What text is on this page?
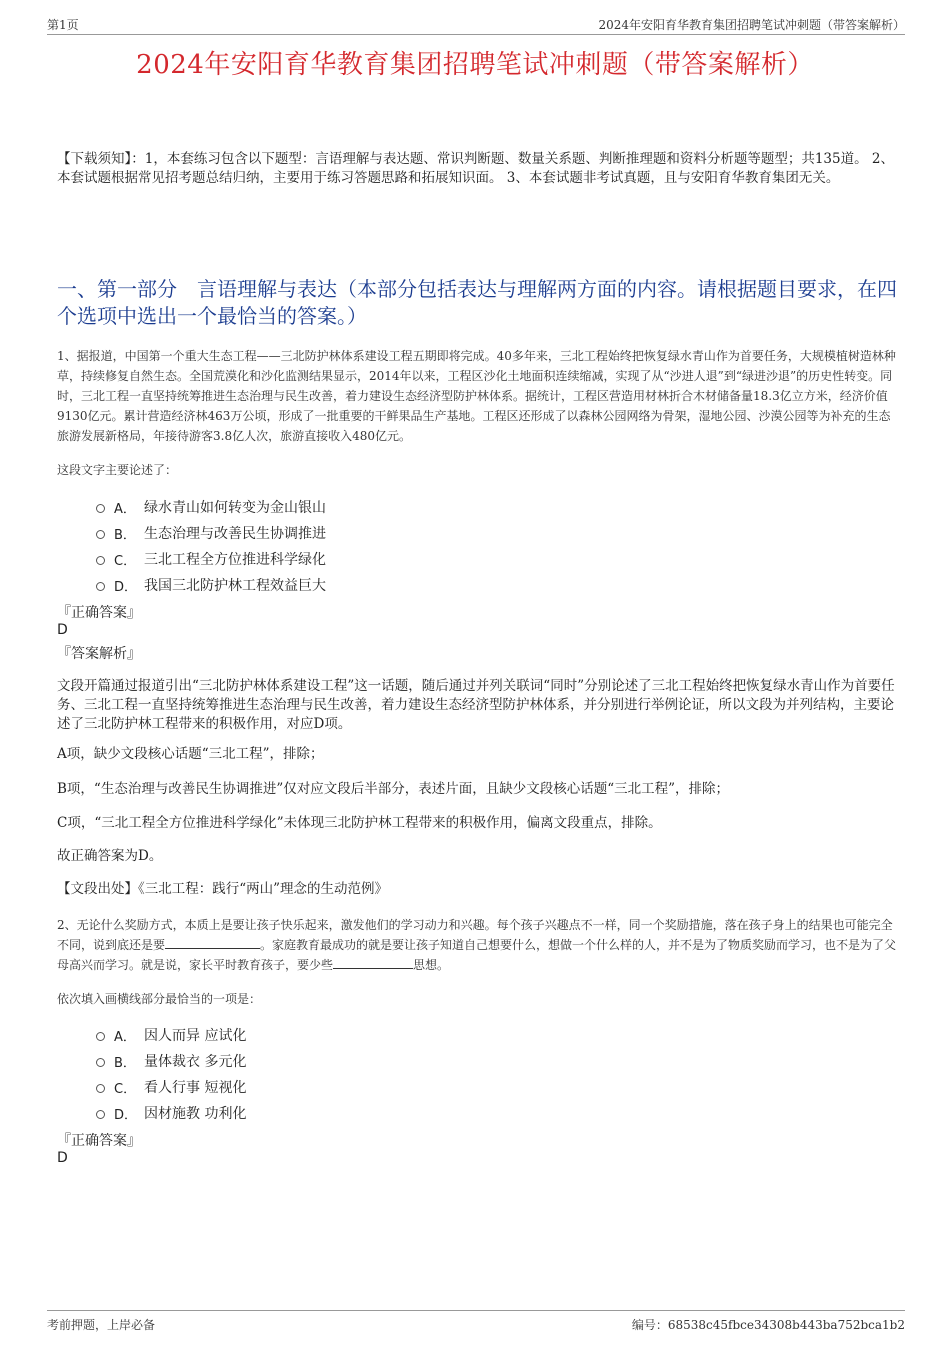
第1页	2024年安阳育华教育集团招聘笔试冲刺题（带答案解析）
2024年安阳育华教育集团招聘笔试冲刺题（带答案解析）
【下载须知】：1，本套练习包含以下题型：言语理解与表达题、常识判断题、数量关系题、判断推理题和资料分析题等题型；共135道。 2、本套试题根据常见招考题总结归纳，主要用于练习答题思路和拓展知识面。 3、本套试题非考试真题，且与安阳育华教育集团无关。
一、第一部分　言语理解与表达（本部分包括表达与理解两方面的内容。请根据题目要求，在四个选项中选出一个最恰当的答案。）
1、据报道，中国第一个重大生态工程——三北防护林体系建设工程五期即将完成。40多年来，三北工程始终把恢复绿水青山作为首要任务，大规模植树造林种草，持续修复自然生态。全国荒漠化和沙化监测结果显示，2014年以来，工程区沙化土地面积连续缩减，实现了从“沙进人退”到“绿进沙退”的历史性转变。同时，三北工程一直坚持统筹推进生态治理与民生改善，着力建设生态经济型防护林体系。据统计，工程区营造用材林折合木材储备量18.3亿立方米，经济价值9130亿元。累计营造经济林463万公顷，形成了一批重要的干鲜果品生产基地。工程区还形成了以森林公园网络为骨架，湿地公园、沙漠公园等为补充的生态旅游发展新格局，年接待游客3.8亿人次，旅游直接收入480亿元。
这段文字主要论述了：
A． 绿水青山如何转变为金山银山
B． 生态治理与改善民生协调推进
C． 三北工程全方位推进科学绿化
D． 我国三北防护林工程效益巨大
『正确答案』
D
『答案解析』
文段开篇通过报道引出“三北防护林体系建设工程”这一话题，随后通过并列关联词“同时”分别论述了三北工程始终把恢复绿水青山作为首要任务、三北工程一直坚持统筹推进生态治理与民生改善，着力建设生态经济型防护林体系，并分别进行举例论证，所以文段为并列结构，主要论述了三北防护林工程带来的积极作用，对应D项。
A项，缺少文段核心话题“三北工程”，排除；
B项，“生态治理与改善民生协调推进”仅对应文段后半部分，表述片面，且缺少文段核心话题“三北工程”，排除；
C项，“三北工程全方位推进科学绿化”未体现三北防护林工程带来的积极作用，偏离文段重点，排除。
故正确答案为D。
【文段出处】《三北工程：践行“两山”理念的生动范例》
2、无论什么奖励方式，本质上是要让孩子快乐起来，激发他们的学习动力和兴趣。每个孩子兴趣点不一样，同一个奖励措施，落在孩子身上的结果也可能完全不同，说到底还是要	。家庭教育最成功的就是要让孩子知道自己想要什么，想做一个什么样的人，并不是为了物质奖励而学习，也不是为了父母高兴而学习。就是说，家长平时教育孩子，要少些	思想。
依次填入画横线部分最恰当的一项是：
A． 因人而异 应试化
B． 量体裁衣 多元化
C． 看人行事 短视化
D． 因材施教 功利化
『正确答案』
D
考前押题，上岸必备	编号：68538c45fbce34308b443ba752bca1b2
